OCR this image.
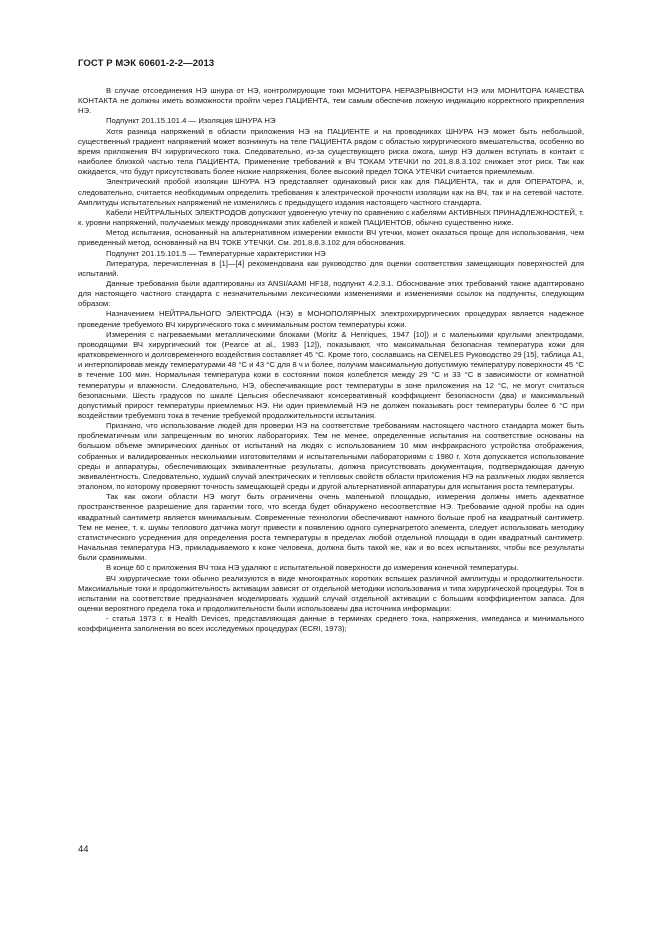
ГОСТ Р МЭК 60601-2-2—2013

В случае отсоединения НЭ шнура от НЭ, контролирующие токи МОНИТОРА НЕРАЗРЫВНОСТИ НЭ или МОНИТОРА КАЧЕСТВА КОНТАКТА не должны иметь возможности пройти через ПАЦИЕНТА, тем самым обеспечив ложную индикацию корректного прикрепления НЭ.

Подпункт 201.15.101.4 — Изоляция ШНУРА НЭ

Хотя разница напряжений в области приложения НЭ на ПАЦИЕНТЕ и на проводниках ШНУРА НЭ может быть небольшой, существенный градиент напряжений может возникнуть на теле ПАЦИЕНТА рядом с областью хирургического вмешательства, особенно во время приложения ВЧ хирургического тока. Следовательно, из-за существующего риска ожога, шнур НЭ должен вступать в контакт с наиболее близкой частью тела ПАЦИЕНТА. Применение требований к ВЧ ТОКАМ УТЕЧКИ по 201.8.8.3.102 снижает этот риск. Так как ожидается, что будут присутствовать более низкие напряжения, более высокий предел ТОКА УТЕЧКИ считается приемлемым.

Электрический пробой изоляции ШНУРА НЭ представляет одинаковый риск как для ПАЦИЕНТА, так и для ОПЕРАТОРА, и, следовательно, считается необходимым определить требования к электрической прочности изоляции как на ВЧ, так и на сетевой частоте. Амплитуды испытательных напряжений не изменились с предыдущего издания настоящего частного стандарта.

Кабели НЕЙТРАЛЬНЫХ ЭЛЕКТРОДОВ допускают удвоенную утечку по сравнению с кабелями АКТИВНЫХ ПРИНАДЛЕЖНОСТЕЙ, т. к. уровни напряжений, получаемых между проводниками этих кабелей и кожей ПАЦИЕНТОВ, обычно существенно ниже.

Метод испытания, основанный на альтернативном измерении емкости ВЧ утечки, может оказаться проще для использования, чем приведенный метод, основанный на ВЧ ТОКЕ УТЕЧКИ. См. 201.8.8.3.102 для обоснования.

Подпункт 201.15.101.5 — Температурные характеристики НЭ

Литература, перечисленная в [1]—[4] рекомендована как руководство для оценки соответствия замещающих поверхностей для испытаний.

Данные требования были адаптированы из ANSI/AAMI HF18, подпункт 4.2.3.1. Обоснование этих требований также адаптировано для настоящего частного стандарта с незначительными лексическими изменениями и изменениями ссылок на подпункты, следующим образом:

Назначением НЕЙТРАЛЬНОГО ЭЛЕКТРОДА (НЭ) в МОНОПОЛЯРНЫХ электрохирургических процедурах является надежное проведение требуемого ВЧ хирургического тока с минимальным ростом температуры кожи.

Измерения с нагреваемыми металлическими блоками (Moritz & Henriques, 1947 [10]) и с маленькими круглыми электродами, проводящими ВЧ хирургический ток (Pearce at al., 1983 [12]), показывают, что максимальная безопасная температура кожи для кратковременного и долговременного воздействия составляет 45 °С. Кроме того, сославшись на CENELES Руководство 29 [15], таблица А1, и интерполировав между температурами 48 °С и 43 °С для 8 ч и более, получим максимальную допустимую температуру поверхности 45 °С в течение 100 мин. Нормальная температура кожи в состоянии покоя колеблется между 29 °С и 33 °С в зависимости от комнатной температуры и влажности. Следовательно, НЭ, обеспечивающие рост температуры в зоне приложения на 12 °С, не могут считаться безопасными. Шесть градусов по шкале Цельсия обеспечивают консервативный коэффициент безопасности (два) и максимальный допустимый прирост температуры приемлемых НЭ. Ни один приемлемый НЭ не должен показывать рост температуры более 6 °С при воздействии требуемого тока в течение требуемой продолжительности испытания.

Признано, что использование людей для проверки НЭ на соответствие требованиям настоящего частного стандарта может быть проблематичным или запрещенным во многих лабораториях. Тем не менее, определенные испытания на соответствие основаны на большом объеме эмпирических данных от испытаний на людях с использованием 10 мкм инфракрасного устройства отображения, собранных и валидированных несколькими изготовителями и испытательными лабораториями с 1980 г. Хотя допускается использование среды и аппаратуры, обеспечивающих эквивалентные результаты, должна присутствовать документация, подтверждающая данную эквивалентность. Следовательно, худший случай электрических и тепловых свойств области приложения НЭ на различных людях является эталоном, по которому проверяют точность замещающей среды и другой альтернативной аппаратуры для испытания роста температуры.

Так как ожоги области НЭ могут быть ограничены очень маленькой площадью, измерения должны иметь адекватное пространственное разрешение для гарантии того, что всегда будет обнаружено несоответствие НЭ. Требование одной пробы на один квадратный сантиметр является минимальным. Современные технологии обеспечивают намного больше проб на квадратный сантиметр. Тем не менее, т. к. шумы теплового датчика могут привести к появлению одного супернагретого элемента, следует использовать методику статистического усреднения для определения роста температуры в пределах любой отдельной площади в один квадратный сантиметр. Начальная температура НЭ, прикладываемого к коже человека, должна быть такой же, как и во всех испытаниях, чтобы все результаты были сравнимыми.

В конце 60 с приложения ВЧ тока НЭ удаляют с испытательной поверхности до измерения конечной температуры.

ВЧ хирургические токи обычно реализуются в виде многократных коротких вспышек различной амплитуды и продолжительности. Максимальные токи и продолжительность активации зависят от отдельной методики использования и типа хирургической процедуры. Ток в испытании на соответствие предназначен моделировать худший случай отдельной активации с большим коэффициентом запаса. Для оценки вероятного предела тока и продолжительности были использованы два источника информации:

- статья 1973 г. в Health Devices, представляющая данные в терминах среднего тока, напряжения, импеданса и минимального коэффициента заполнения во всех исследуемых процедурах (ECRI, 1973);

44
